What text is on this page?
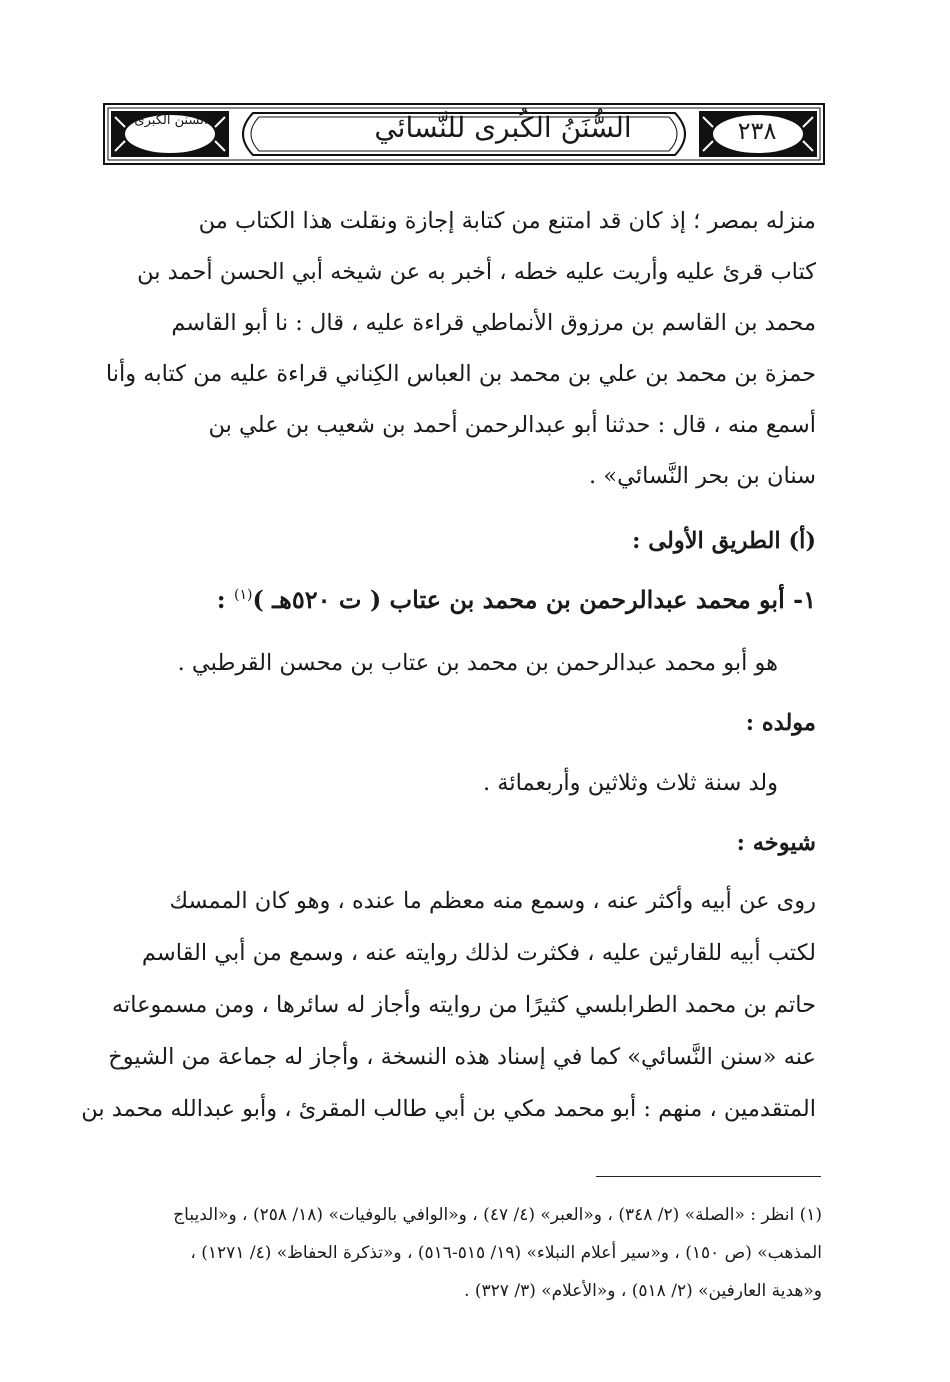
السنن الكبرى	السُّنَنُ الكُبرى للنَّسائي	٢٣٨
منزله بمصر ؛ إذ كان قد امتنع من كتابة إجازة ونقلت هذا الكتاب من
كتاب قرئ عليه وأريت عليه خطه ، أخبر به عن شيخه أبي الحسن أحمد بن
محمد بن القاسم بن مرزوق الأنماطي قراءة عليه ، قال : نا أبو القاسم
حمزة بن محمد بن علي بن محمد بن العباس الكِناني قراءة عليه من كتابه وأنا
أسمع منه ، قال : حدثنا أبو عبدالرحمن أحمد بن شعيب بن علي بن
سنان بن بحر النَّسائي» .
(أ) الطريق الأولى :
١- أبو محمد عبدالرحمن بن محمد بن عتاب ( ت ٥٢٠هـ )$^{(١)}$ :
هو أبو محمد عبدالرحمن بن محمد بن عتاب بن محسن القرطبي .
مولده :
ولد سنة ثلاث وثلاثين وأربعمائة .
شيوخه :
روى عن أبيه وأكثر عنه ، وسمع منه معظم ما عنده ، وهو كان الممسك
لكتب أبيه للقارئين عليه ، فكثرت لذلك روايته عنه ، وسمع من أبي القاسم
حاتم بن محمد الطرابلسي كثيرًا من روايته وأجاز له سائرها ، ومن مسموعاته
عنه «سنن النَّسائي» كما في إسناد هذه النسخة ، وأجاز له جماعة من الشيوخ
المتقدمين ، منهم : أبو محمد مكي بن أبي طالب المقرئ ، وأبو عبدالله محمد بن
(١) انظر : «الصلة» (٢/ ٣٤٨) ، و«العبر» (٤/ ٤٧) ، و«الوافي بالوفيات» (١٨/ ٢٥٨) ، و«الديباج
المذهب» (ص ١٥٠) ، و«سير أعلام النبلاء» (١٩/ ٥١٥-٥١٦) ، و«تذكرة الحفاظ» (٤/ ١٢٧١) ،
و«هدية العارفين» (٢/ ٥١٨) ، و«الأعلام» (٣/ ٣٢٧) .
